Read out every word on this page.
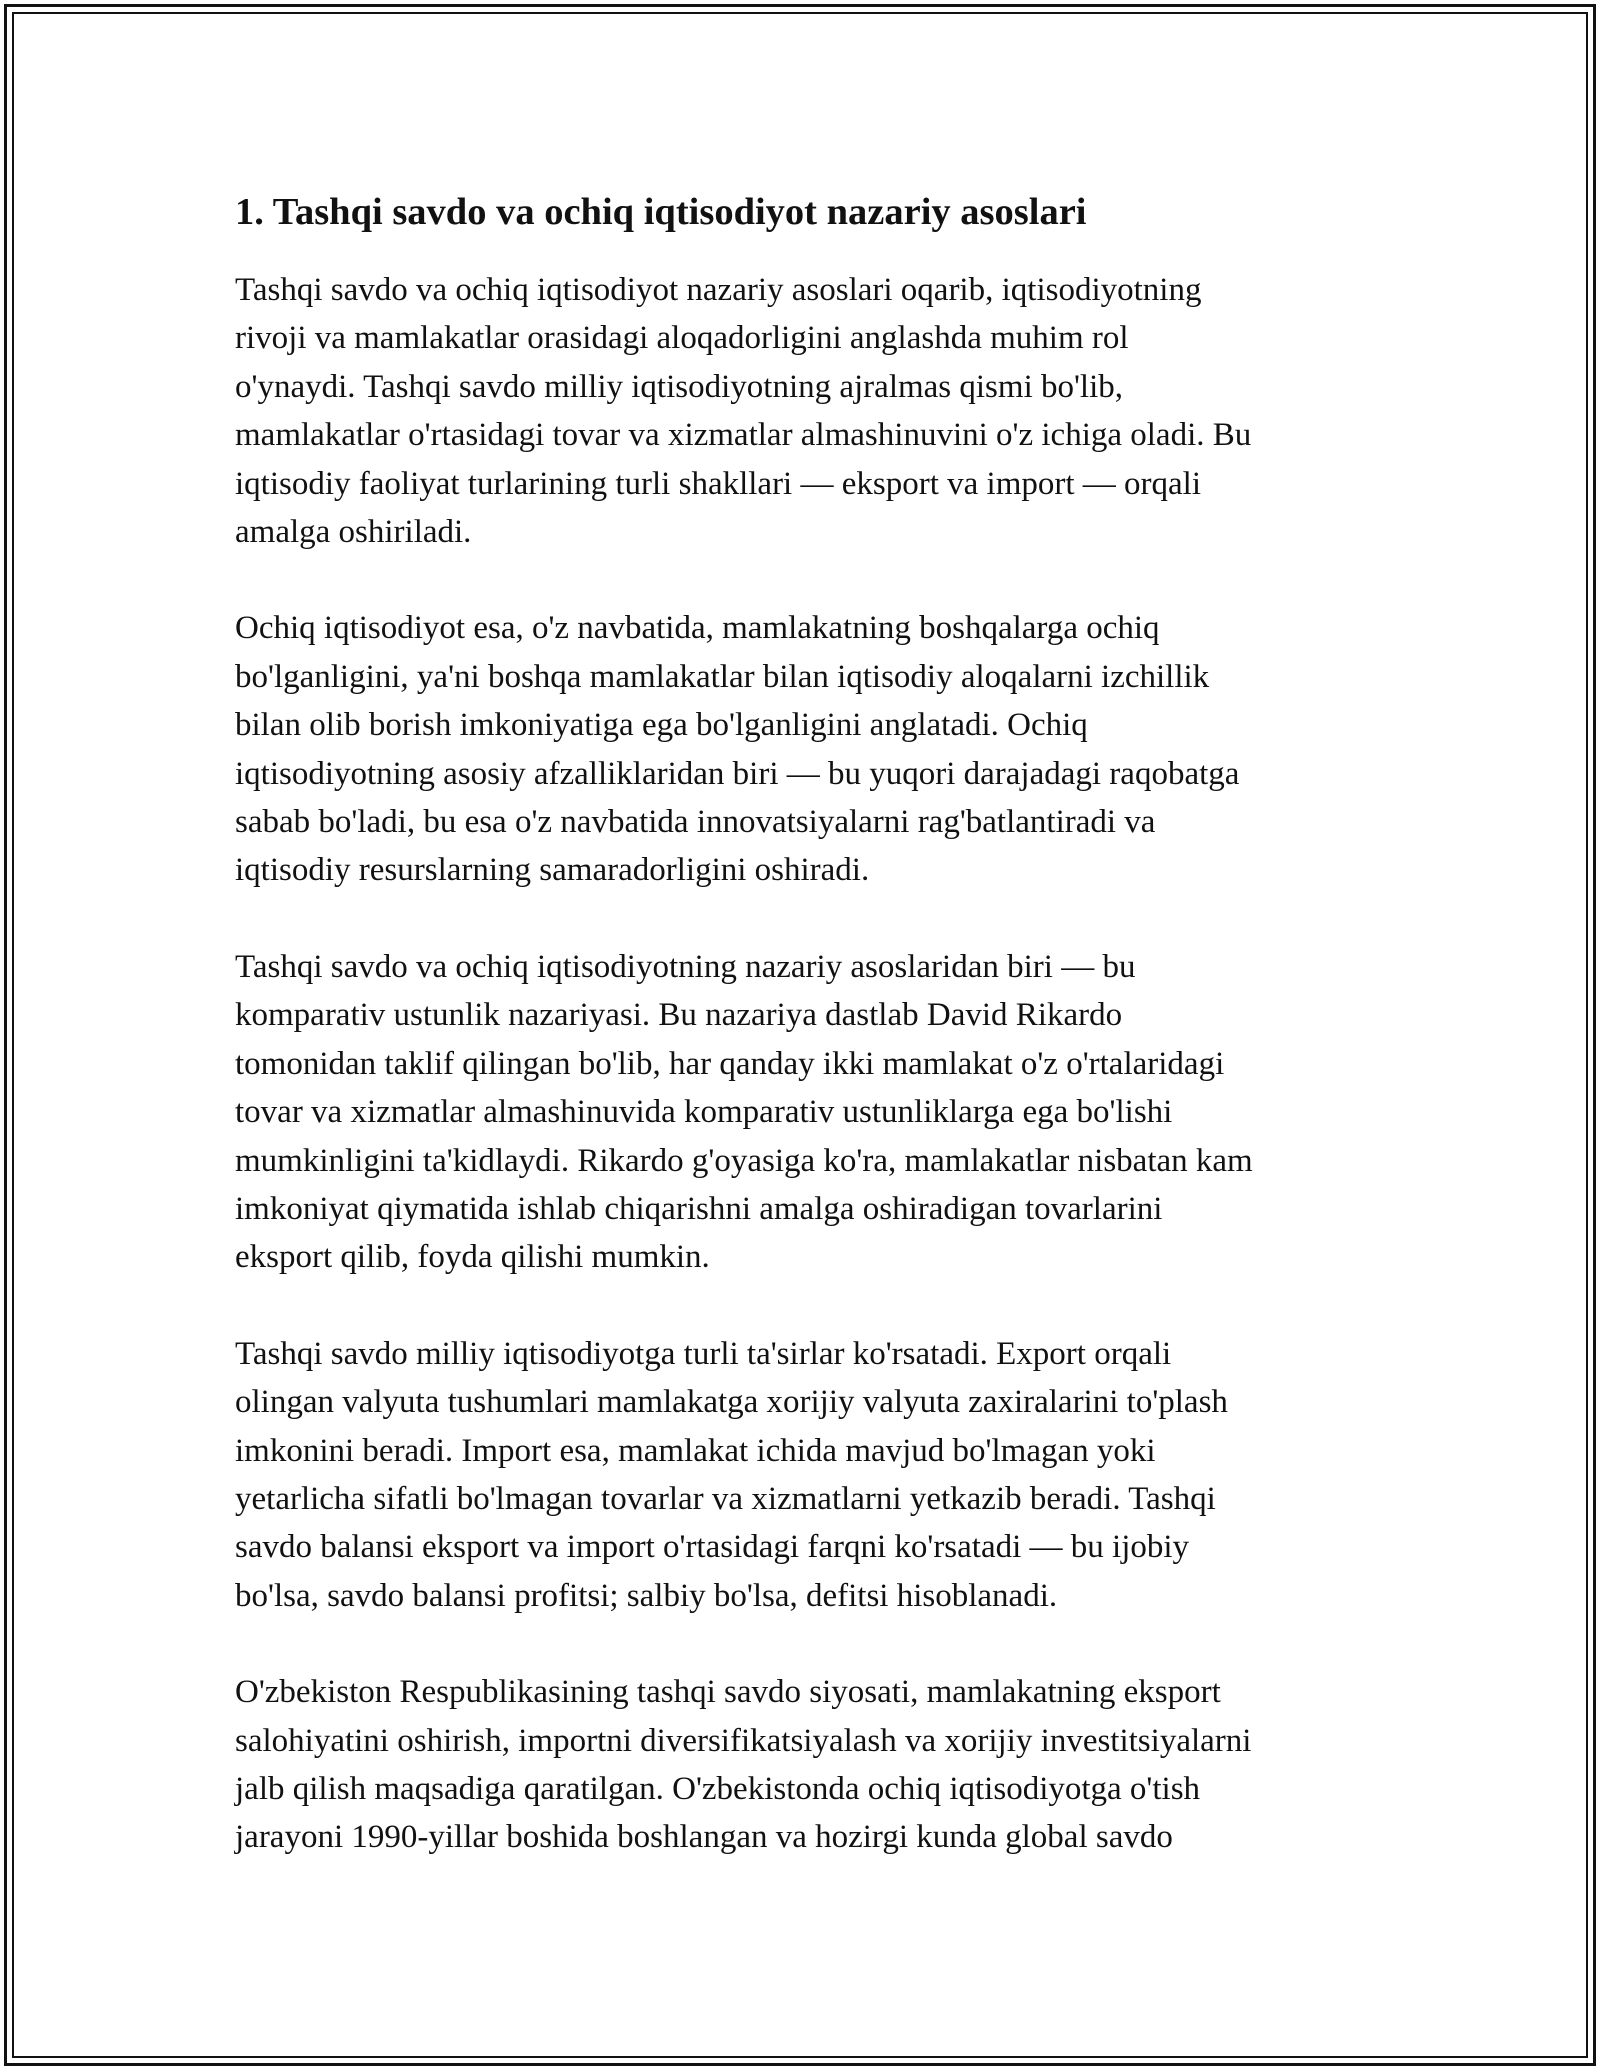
1. Tashqi savdo va ochiq iqtisodiyot nazariy asoslari

Tashqi savdo va ochiq iqtisodiyot nazariy asoslari oqarib, iqtisodiyotning
rivoji va mamlakatlar orasidagi aloqadorligini anglashda muhim rol
o'ynaydi. Tashqi savdo milliy iqtisodiyotning ajralmas qismi bo'lib,
mamlakatlar o'rtasidagi tovar va xizmatlar almashinuvini o'z ichiga oladi. Bu
iqtisodiy faoliyat turlarining turli shakllari — eksport va import — orqali
amalga oshiriladi.

Ochiq iqtisodiyot esa, o'z navbatida, mamlakatning boshqalarga ochiq
bo'lganligini, ya'ni boshqa mamlakatlar bilan iqtisodiy aloqalarni izchillik
bilan olib borish imkoniyatiga ega bo'lganligini anglatadi. Ochiq
iqtisodiyotning asosiy afzalliklaridan biri — bu yuqori darajadagi raqobatga
sabab bo'ladi, bu esa o'z navbatida innovatsiyalarni rag'batlantiradi va
iqtisodiy resurslarning samaradorligini oshiradi.

Tashqi savdo va ochiq iqtisodiyotning nazariy asoslaridan biri — bu
komparativ ustunlik nazariyasi. Bu nazariya dastlab David Rikardo
tomonidan taklif qilingan bo'lib, har qanday ikki mamlakat o'z o'rtalaridagi
tovar va xizmatlar almashinuvida komparativ ustunliklarga ega bo'lishi
mumkinligini ta'kidlaydi. Rikardo g'oyasiga ko'ra, mamlakatlar nisbatan kam
imkoniyat qiymatida ishlab chiqarishni amalga oshiradigan tovarlarini
eksport qilib, foyda qilishi mumkin.

Tashqi savdo milliy iqtisodiyotga turli ta'sirlar ko'rsatadi. Export orqali
olingan valyuta tushumlari mamlakatga xorijiy valyuta zaxiralarini to'plash
imkonini beradi. Import esa, mamlakat ichida mavjud bo'lmagan yoki
yetarlicha sifatli bo'lmagan tovarlar va xizmatlarni yetkazib beradi. Tashqi
savdo balansi eksport va import o'rtasidagi farqni ko'rsatadi — bu ijobiy
bo'lsa, savdo balansi profitsi; salbiy bo'lsa, defitsi hisoblanadi.

O'zbekiston Respublikasining tashqi savdo siyosati, mamlakatning eksport
salohiyatini oshirish, importni diversifikatsiyalash va xorijiy investitsiyalarni
jalb qilish maqsadiga qaratilgan. O'zbekistonda ochiq iqtisodiyotga o'tish
jarayoni 1990-yillar boshida boshlangan va hozirgi kunda global savdo
